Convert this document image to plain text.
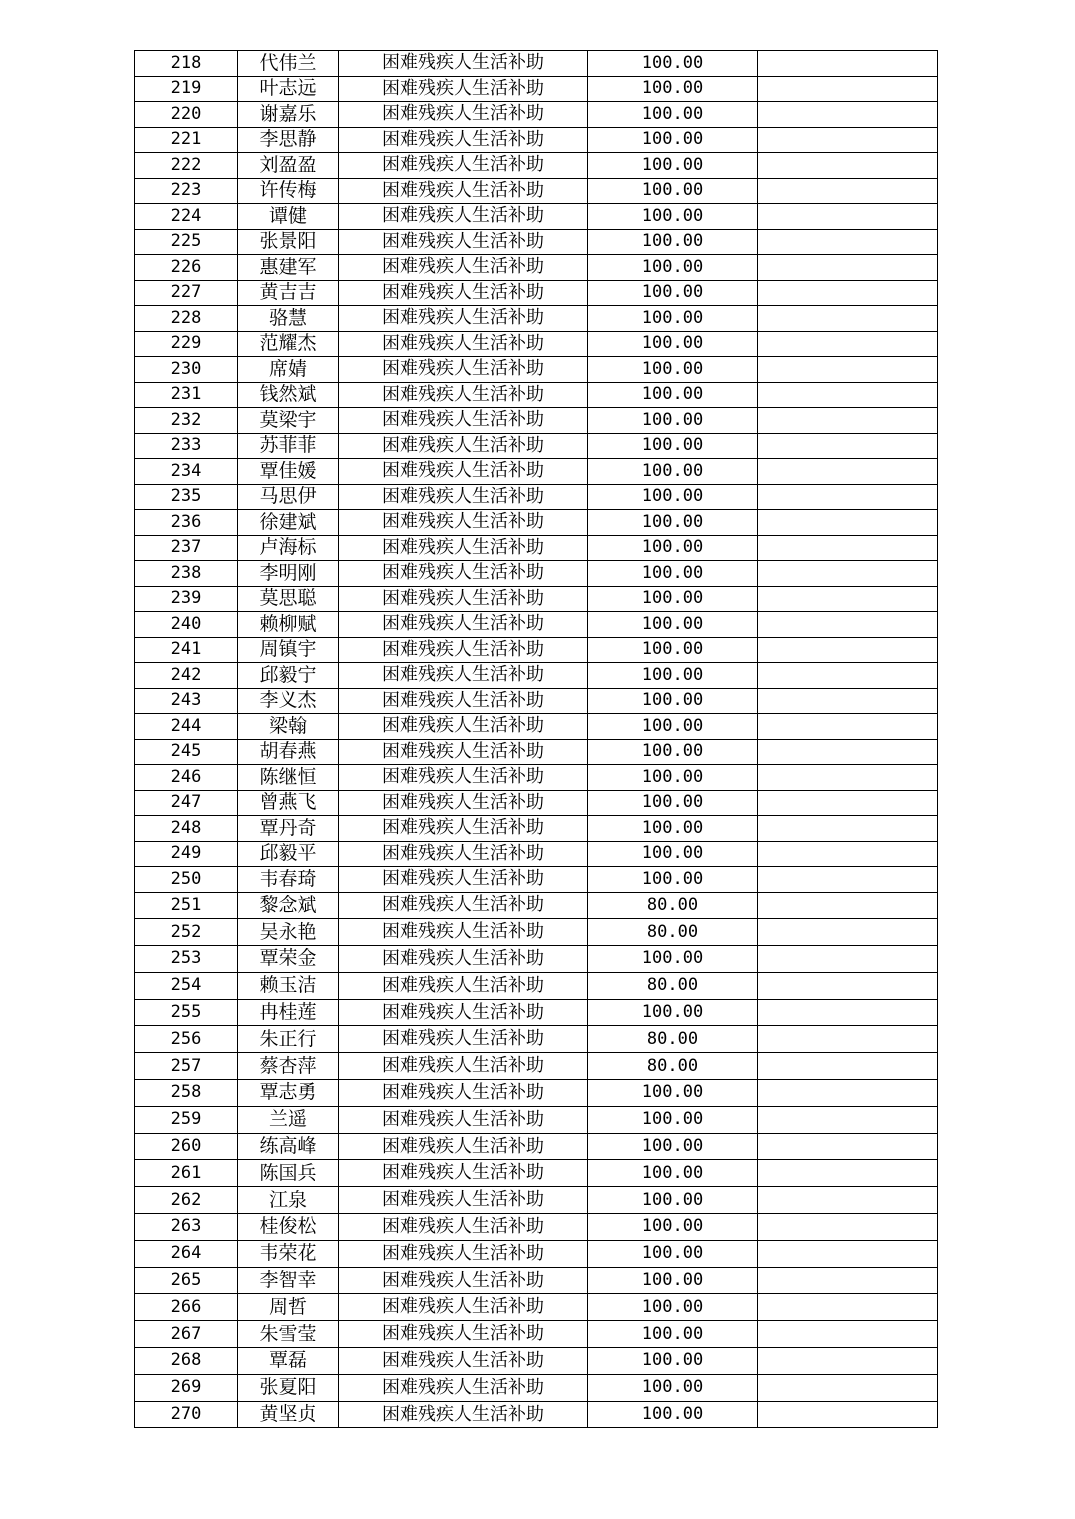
218	代伟兰	困难残疾人生活补助	100.00	
219	叶志远	困难残疾人生活补助	100.00	
220	谢嘉乐	困难残疾人生活补助	100.00	
221	李思静	困难残疾人生活补助	100.00	
222	刘盈盈	困难残疾人生活补助	100.00	
223	许传梅	困难残疾人生活补助	100.00	
224	谭健	困难残疾人生活补助	100.00	
225	张景阳	困难残疾人生活补助	100.00	
226	惠建军	困难残疾人生活补助	100.00	
227	黄吉吉	困难残疾人生活补助	100.00	
228	骆慧	困难残疾人生活补助	100.00	
229	范耀杰	困难残疾人生活补助	100.00	
230	席婧	困难残疾人生活补助	100.00	
231	钱然斌	困难残疾人生活补助	100.00	
232	莫梁宇	困难残疾人生活补助	100.00	
233	苏菲菲	困难残疾人生活补助	100.00	
234	覃佳媛	困难残疾人生活补助	100.00	
235	马思伊	困难残疾人生活补助	100.00	
236	徐建斌	困难残疾人生活补助	100.00	
237	卢海标	困难残疾人生活补助	100.00	
238	李明刚	困难残疾人生活补助	100.00	
239	莫思聪	困难残疾人生活补助	100.00	
240	赖柳赋	困难残疾人生活补助	100.00	
241	周镇宇	困难残疾人生活补助	100.00	
242	邱毅宁	困难残疾人生活补助	100.00	
243	李义杰	困难残疾人生活补助	100.00	
244	梁翰	困难残疾人生活补助	100.00	
245	胡春燕	困难残疾人生活补助	100.00	
246	陈继恒	困难残疾人生活补助	100.00	
247	曾燕飞	困难残疾人生活补助	100.00	
248	覃丹奇	困难残疾人生活补助	100.00	
249	邱毅平	困难残疾人生活补助	100.00	
250	韦春琦	困难残疾人生活补助	100.00	
251	黎念斌	困难残疾人生活补助	80.00	
252	吴永艳	困难残疾人生活补助	80.00	
253	覃荣金	困难残疾人生活补助	100.00	
254	赖玉洁	困难残疾人生活补助	80.00	
255	冉桂莲	困难残疾人生活补助	100.00	
256	朱正行	困难残疾人生活补助	80.00	
257	蔡杏萍	困难残疾人生活补助	80.00	
258	覃志勇	困难残疾人生活补助	100.00	
259	兰遥	困难残疾人生活补助	100.00	
260	练高峰	困难残疾人生活补助	100.00	
261	陈国兵	困难残疾人生活补助	100.00	
262	江泉	困难残疾人生活补助	100.00	
263	桂俊松	困难残疾人生活补助	100.00	
264	韦荣花	困难残疾人生活补助	100.00	
265	李智幸	困难残疾人生活补助	100.00	
266	周哲	困难残疾人生活补助	100.00	
267	朱雪莹	困难残疾人生活补助	100.00	
268	覃磊	困难残疾人生活补助	100.00	
269	张夏阳	困难残疾人生活补助	100.00	
270	黄坚贞	困难残疾人生活补助	100.00	
